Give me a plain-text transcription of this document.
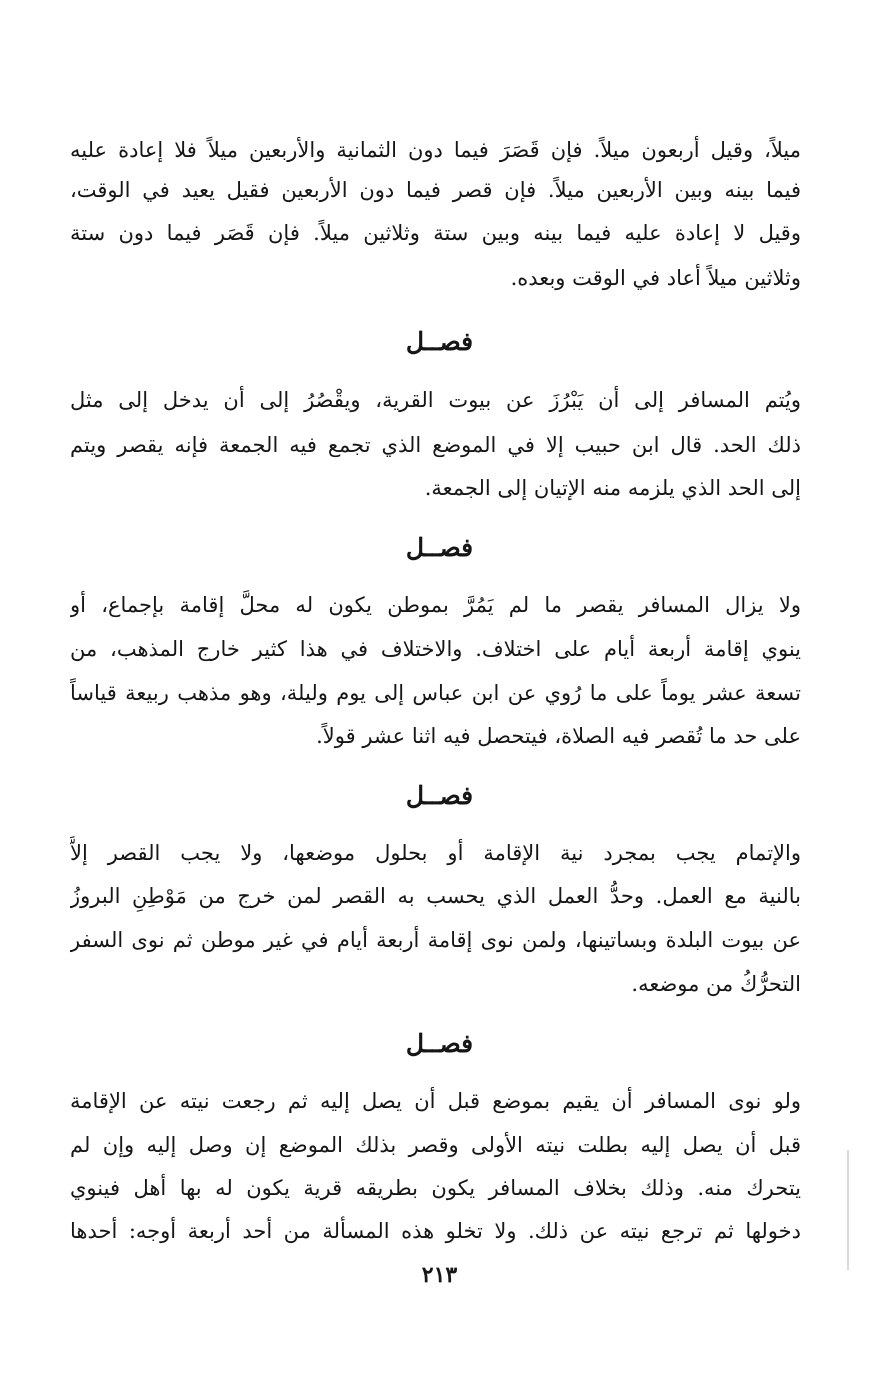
ميلاً، وقيل أربعون ميلاً. فإن قَصَرَ فيما دون الثمانية والأربعين ميلاً فلا إعادة عليه
فيما بينه وبين الأربعين ميلاً. فإن قصر فيما دون الأربعين فقيل يعيد في الوقت،
وقيل لا إعادة عليه فيما بينه وبين ستة وثلاثين ميلاً. فإن قَصَر فيما دون ستة
وثلاثين ميلاً أعاد في الوقت وبعده.
فصــل
ويُتم المسافر إلى أن يَبْرُزَ عن بيوت القرية، ويقْصُرُ إلى أن يدخل إلى مثل
ذلك الحد. قال ابن حبيب إلا في الموضع الذي تجمع فيه الجمعة فإنه يقصر ويتم
إلى الحد الذي يلزمه منه الإتيان إلى الجمعة.
فصــل
ولا يزال المسافر يقصر ما لم يَمُرَّ بموطن يكون له محلَّ إقامة بإجماع، أو
ينوي إقامة أربعة أيام على اختلاف. والاختلاف في هذا كثير خارج المذهب، من
تسعة عشر يوماً على ما رُوي عن ابن عباس إلى يوم وليلة، وهو مذهب ربيعة قياساً
على حد ما تُقصر فيه الصلاة، فيتحصل فيه اثنا عشر قولاً.
فصــل
والإتمام يجب بمجرد نية الإقامة أو بحلول موضعها، ولا يجب القصر إلاَّ
بالنية مع العمل. وحدُّ العمل الذي يحسب به القصر لمن خرج من مَوْطِنِ البروزُ
عن بيوت البلدة وبساتينها، ولمن نوى إقامة أربعة أيام في غير موطن ثم نوى السفر
التحرُّكُ من موضعه.
فصــل
ولو نوى المسافر أن يقيم بموضع قبل أن يصل إليه ثم رجعت نيته عن الإقامة
قبل أن يصل إليه بطلت نيته الأولى وقصر بذلك الموضع إن وصل إليه وإن لم
يتحرك منه. وذلك بخلاف المسافر يكون بطريقه قرية يكون له بها أهل فينوي
دخولها ثم ترجع نيته عن ذلك. ولا تخلو هذه المسألة من أحد أربعة أوجه: أحدها
٢١٣
